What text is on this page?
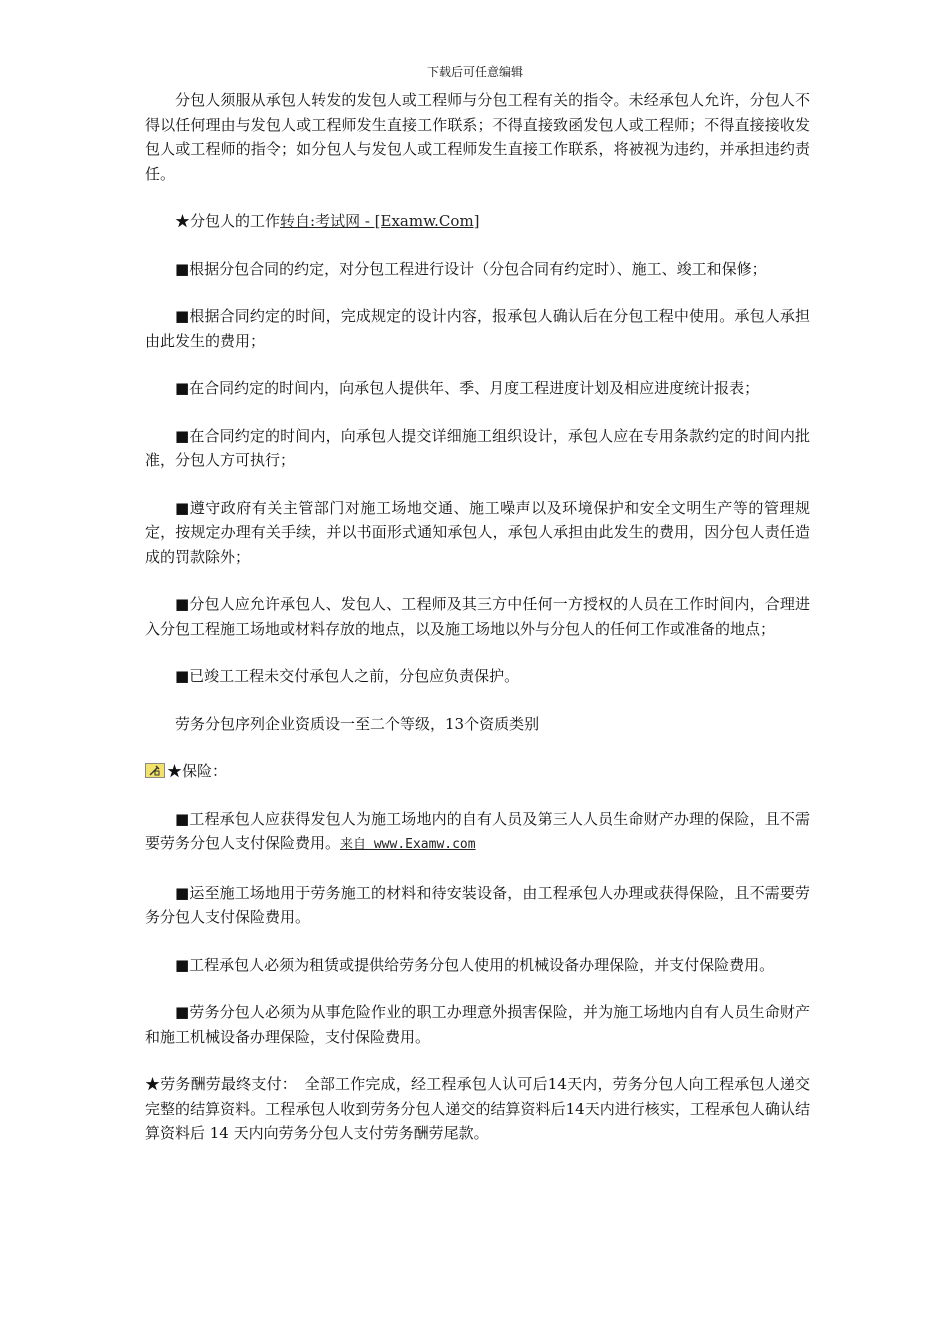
下载后可任意编辑

分包人须服从承包人转发的发包人或工程师与分包工程有关的指令。未经承包人允许，分包人不得以任何理由与发包人或工程师发生直接工作联系；不得直接致函发包人或工程师；不得直接接收发包人或工程师的指令；如分包人与发包人或工程师发生直接工作联系，将被视为违约，并承担违约责任。

★分包人的工作转自:考试网 - [Examw.Com]

■根据分包合同的约定，对分包工程进行设计（分包合同有约定时）、施工、竣工和保修；

■根据合同约定的时间，完成规定的设计内容，报承包人确认后在分包工程中使用。承包人承担由此发生的费用；

■在合同约定的时间内，向承包人提供年、季、月度工程进度计划及相应进度统计报表；

■在合同约定的时间内，向承包人提交详细施工组织设计，承包人应在专用条款约定的时间内批准，分包人方可执行；

■遵守政府有关主管部门对施工场地交通、施工噪声以及环境保护和安全文明生产等的管理规定，按规定办理有关手续，并以书面形式通知承包人，承包人承担由此发生的费用，因分包人责任造成的罚款除外；

■分包人应允许承包人、发包人、工程师及其三方中任何一方授权的人员在工作时间内，合理进入分包工程施工场地或材料存放的地点，以及施工场地以外与分包人的任何工作或准备的地点；

■已竣工工程未交付承包人之前，分包应负责保护。

劳务分包序列企业资质设一至二个等级，13个资质类别

★保险：

■工程承包人应获得发包人为施工场地内的自有人员及第三人人员生命财产办理的保险，且不需要劳务分包人支付保险费用。来自 www.Examw.com

■运至施工场地用于劳务施工的材料和待安装设备，由工程承包人办理或获得保险，且不需要劳务分包人支付保险费用。

■工程承包人必须为租赁或提供给劳务分包人使用的机械设备办理保险，并支付保险费用。

■劳务分包人必须为从事危险作业的职工办理意外损害保险，并为施工场地内自有人员生命财产和施工机械设备办理保险，支付保险费用。

★劳务酬劳最终支付：　全部工作完成，经工程承包人认可后14天内，劳务分包人向工程承包人递交完整的结算资料。工程承包人收到劳务分包人递交的结算资料后14天内进行核实，工程承包人确认结算资料后 14 天内向劳务分包人支付劳务酬劳尾款。
